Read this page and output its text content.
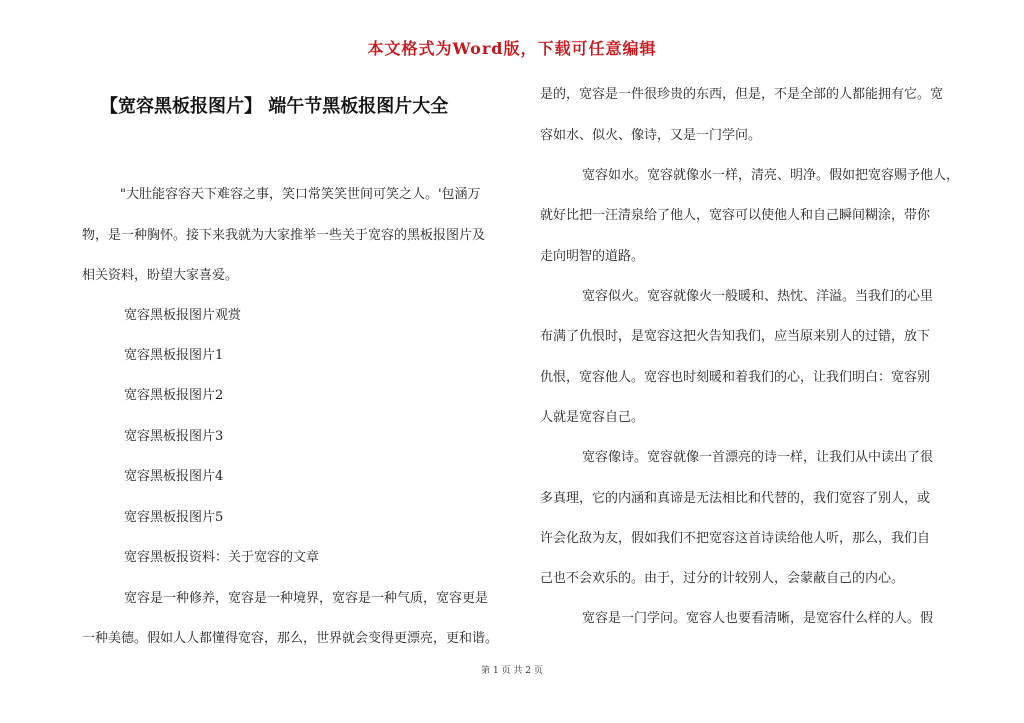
本文格式为Word版，下载可任意编辑
【宽容黑板报图片】 端午节黑板报图片大全
"大肚能容容天下难容之事，笑口常笑笑世间可笑之人。'包涵万
物，是一种胸怀。接下来我就为大家推举一些关于宽容的黑板报图片及
相关资料，盼望大家喜爱。
宽容黑板报图片观赏
宽容黑板报图片1
宽容黑板报图片2
宽容黑板报图片3
宽容黑板报图片4
宽容黑板报图片5
宽容黑板报资料：关于宽容的文章
宽容是一种修养，宽容是一种境界，宽容是一种气质，宽容更是
一种美德。假如人人都懂得宽容，那么，世界就会变得更漂亮，更和谐。
是的，宽容是一件很珍贵的东西，但是，不是全部的人都能拥有它。宽
容如水、似火、像诗，又是一门学问。
宽容如水。宽容就像水一样，清亮、明净。假如把宽容赐予他人，
就好比把一汪清泉给了他人，宽容可以使他人和自己瞬间糊涂，带你
走向明智的道路。
宽容似火。宽容就像火一般暖和、热忱、洋溢。当我们的心里
布满了仇恨时，是宽容这把火告知我们，应当原来别人的过错，放下
仇恨，宽容他人。宽容也时刻暖和着我们的心，让我们明白：宽容别
人就是宽容自己。
宽容像诗。宽容就像一首漂亮的诗一样，让我们从中读出了很
多真理，它的内涵和真谛是无法相比和代替的，我们宽容了别人，或
许会化敌为友，假如我们不把宽容这首诗读给他人听，那么，我们自
己也不会欢乐的。由于，过分的计较别人，会蒙蔽自己的内心。
宽容是一门学问。宽容人也要看清晰，是宽容什么样的人。假
第 1 页 共 2 页
